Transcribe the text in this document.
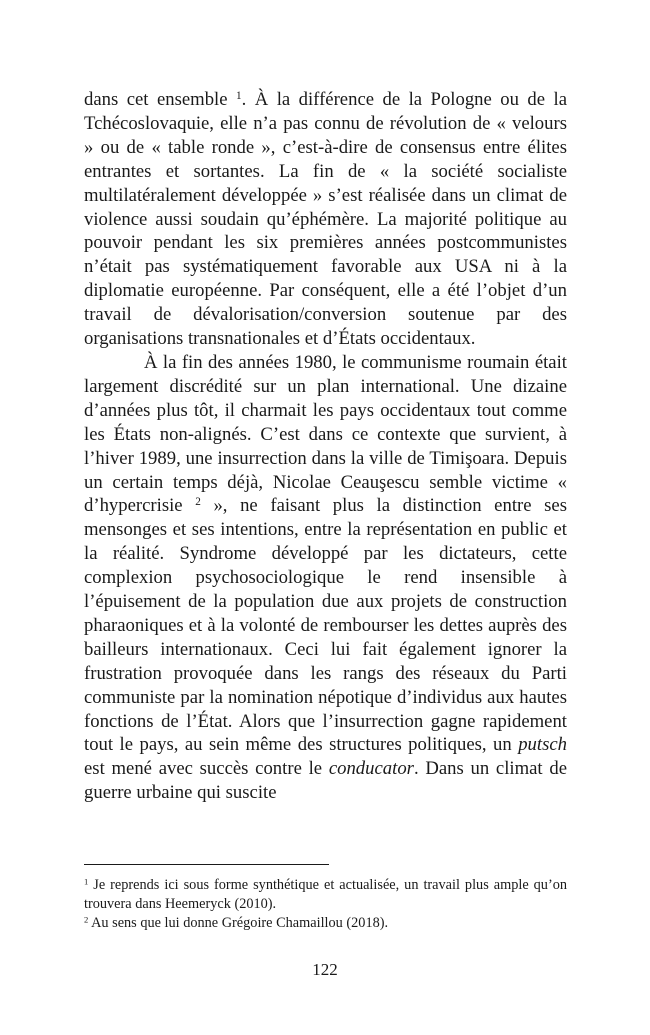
dans cet ensemble $^1$. À la différence de la Pologne ou de la Tchécoslovaquie, elle n’a pas connu de révolution de « velours » ou de « table ronde », c’est-à-dire de consensus entre élites entrantes et sortantes. La fin de « la société socialiste multilatéralement développée » s’est réalisée dans un climat de violence aussi soudain qu’éphémère. La majorité politique au pouvoir pendant les six premières années postcommunistes n’était pas systématiquement favorable aux USA ni à la diplomatie européenne. Par conséquent, elle a été l’objet d’un travail de dévalorisation/conversion soutenue par des organisations transnationales et d’États occidentaux.

À la fin des années 1980, le communisme roumain était largement discrédité sur un plan international. Une dizaine d’années plus tôt, il charmait les pays occidentaux tout comme les États non-alignés. C’est dans ce contexte que survient, à l’hiver 1989, une insurrection dans la ville de Timişoara. Depuis un certain temps déjà, Nicolae Ceauşescu semble victime « d’hypercrisie $^2$ », ne faisant plus la distinction entre ses mensonges et ses intentions, entre la représentation en public et la réalité. Syndrome développé par les dictateurs, cette complexion psychosociologique le rend insensible à l’épuisement de la population due aux projets de construction pharaoniques et à la volonté de rembourser les dettes auprès des bailleurs internationaux. Ceci lui fait également ignorer la frustration provoquée dans les rangs des réseaux du Parti communiste par la nomination népotique d’individus aux hautes fonctions de l’État. Alors que l’insurrection gagne rapidement tout le pays, au sein même des structures politiques, un putsch est mené avec succès contre le conducator. Dans un climat de guerre urbaine qui suscite

$^1$ Je reprends ici sous forme synthétique et actualisée, un travail plus ample qu’on trouvera dans Heemeryck (2010).

$^2$ Au sens que lui donne Grégoire Chamaillou (2018).

122
